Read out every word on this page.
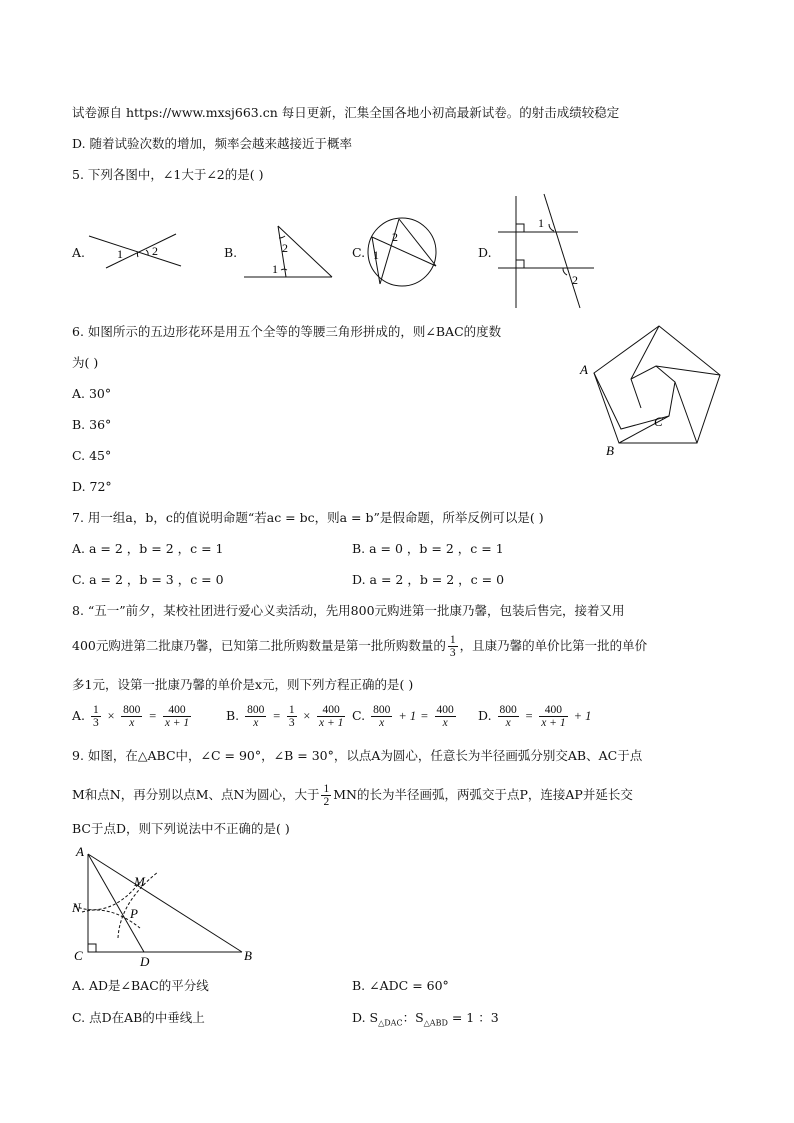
试卷源自 https://www.mxsj663.cn 每日更新，汇集全国各地小初高最新试卷。的射击成绩较稳定
D. 随着试验次数的增加，频率会越来越接近于概率
5. 下列各图中，∠1大于∠2的是( )
A.	1 2	B.	2
1
C.
2
1	D.
1
2
6. 如图所示的五边形花环是用五个全等的等腰三角形拼成的，则∠BAC的度数
为( )
A. 30°
B. 36°
C. 45°
D. 72°
A
B
C
7. 用一组a，b，c的值说明命题“若ac = bc，则a = b”是假命题，所举反例可以是( )
A. a = 2 ，b = 2 ，c = 1	B. a = 0 ，b = 2 ，c = 1
C. a = 2 ，b = 3 ，c = 0	D. a = 2 ，b = 2 ，c = 0
8. “五一”前夕，某校社团进行爱心义卖活动，先用800元购进第一批康乃馨，包装后售完，接着又用
400元购进第二批康乃馨，已知第二批所购数量是第一批所购数量的 $\frac{1}{3}$ ，且康乃馨的单价比第一批的单价
多1元，设第一批康乃馨的单价是x元，则下列方程正确的是( )
A. $\frac{1}{3} \times \frac{800}{x} = \frac{400}{x + 1}$	B. $\frac{800}{x} = \frac{1}{3} \times \frac{400}{x + 1} C$. $\frac{800}{x} + 1 = \frac{400}{x} D$. $\frac{800}{x} = \frac{400}{x + 1} + 1$
9. 如图，在△ABC中，∠C = 90°，∠B = 30°，以点A为圆心，任意长为半径画弧分别交AB、AC于点
M和点N，再分别以点M、点N为圆心，大于 $\frac{1}{2}$ MN的长为半径画弧，两弧交于点P，连接AP并延长交
BC于点D，则下列说法中不正确的是( )
A
M
N	P
C	D	B
A. AD是∠BAC的平分线	B. ∠ADC = 60°
C. 点D在AB的中垂线上	D. $S_{\triangle DAC}$：$S_{\triangle ABD} = 1$ ：3
